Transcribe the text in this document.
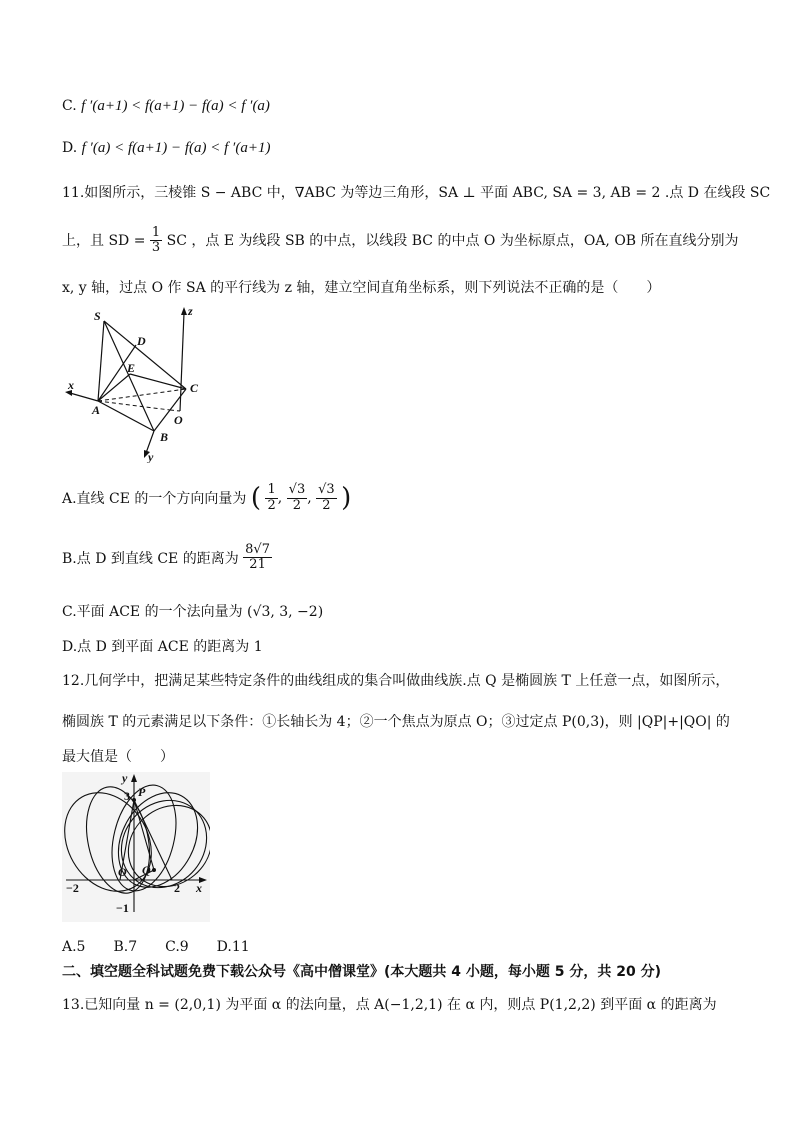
C. f ′(a+1) < f(a+1) − f(a) < f ′(a)
D. f ′(a) < f(a+1) − f(a) < f ′(a+1)
11.如图所示，三棱锥 S − ABC 中，∇ABC 为等边三角形，SA ⊥ 平面 ABC, SA = 3, AB = 2 .点 D 在线段 SC
上，且 SD = $\frac{1}{3}$ SC ，点 E 为线段 SB 的中点，以线段 BC 的中点 O 为坐标原点，OA, OB 所在直线分别为
x, y 轴，过点 O 作 SA 的平行线为 z 轴，建立空间直角坐标系，则下列说法不正确的是（　　）
S
D
E
A
C
O
B
x
y
z
A.直线 CE 的一个方向向量为 ( $\frac{1}{2}$ , $\frac{√3}{2}$ , $\frac{√3}{2}$ )
B.点 D 到直线 CE 的距离为 $\frac{8√7}{21}$
C.平面 ACE 的一个法向量为 (√3, 3, −2)
D.点 D 到平面 ACE 的距离为 1
12.几何学中，把满足某些特定条件的曲线组成的集合叫做曲线族.点 Q 是椭圆族 T 上任意一点，如图所示，
椭圆族 T 的元素满足以下条件：①长轴长为 4；②一个焦点为原点 O；③过定点 P(0,3)，则 |QP|+|QO| 的
最大值是（　　）
y
P
3
Q
O
−2	2 x
−1
A.5　　B.7　　C.9　　D.11
二、填空题全科试题免费下载公众号《高中僧课堂》(本大题共 4 小题，每小题 5 分，共 20 分)
13.已知向量 n = (2,0,1) 为平面 α 的法向量，点 A(−1,2,1) 在 α 内，则点 P(1,2,2) 到平面 α 的距离为
